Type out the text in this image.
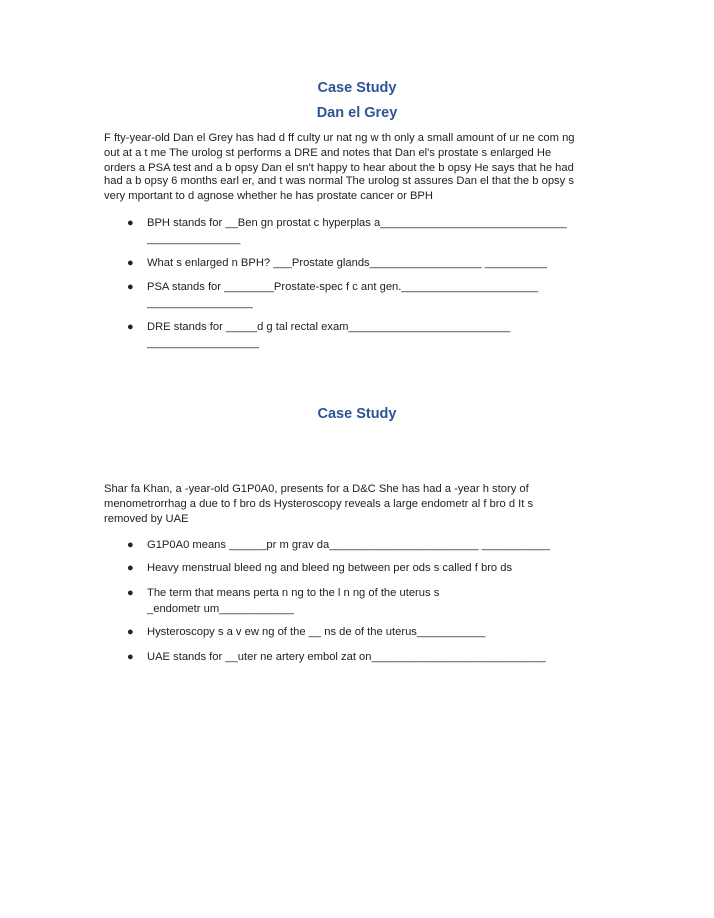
Case Study
Dan el Grey
F fty-year-old Dan el Grey has had d ff culty ur nat ng w th only a small amount of ur ne com ng
out at a t me The urolog st performs a DRE and notes that Dan el's prostate s enlarged He
orders a PSA test and a b opsy Dan el sn't happy to hear about the b opsy He says that he had
had a b opsy 6 months earl er, and t was normal The urolog st assures Dan el that the b opsy s
very mportant to d agnose whether he has prostate cancer or BPH
● BPH stands for __Ben gn prostat c hyperplas a______________________________
_______________
● What s enlarged n BPH? ___Prostate glands__________________ __________
● PSA stands for ________Prostate-spec f c ant gen.______________________
_________________
● DRE stands for _____d g tal rectal exam__________________________
__________________
Case Study
Shar fa Khan, a -year-old G1P0A0, presents for a D&C She has had a -year h story of
menometrorrhag a due to f bro ds Hysteroscopy reveals a large endometr al f bro d It s
removed by UAE
● G1P0A0 means ______pr m grav da________________________ ___________
● Heavy menstrual bleed ng and bleed ng between per ods s called f bro ds
● The term that means perta n ng to the l n ng of the uterus s
_endometr um____________
● Hysteroscopy s a v ew ng of the __ ns de of the uterus___________
● UAE stands for __uter ne artery embol zat on____________________________
